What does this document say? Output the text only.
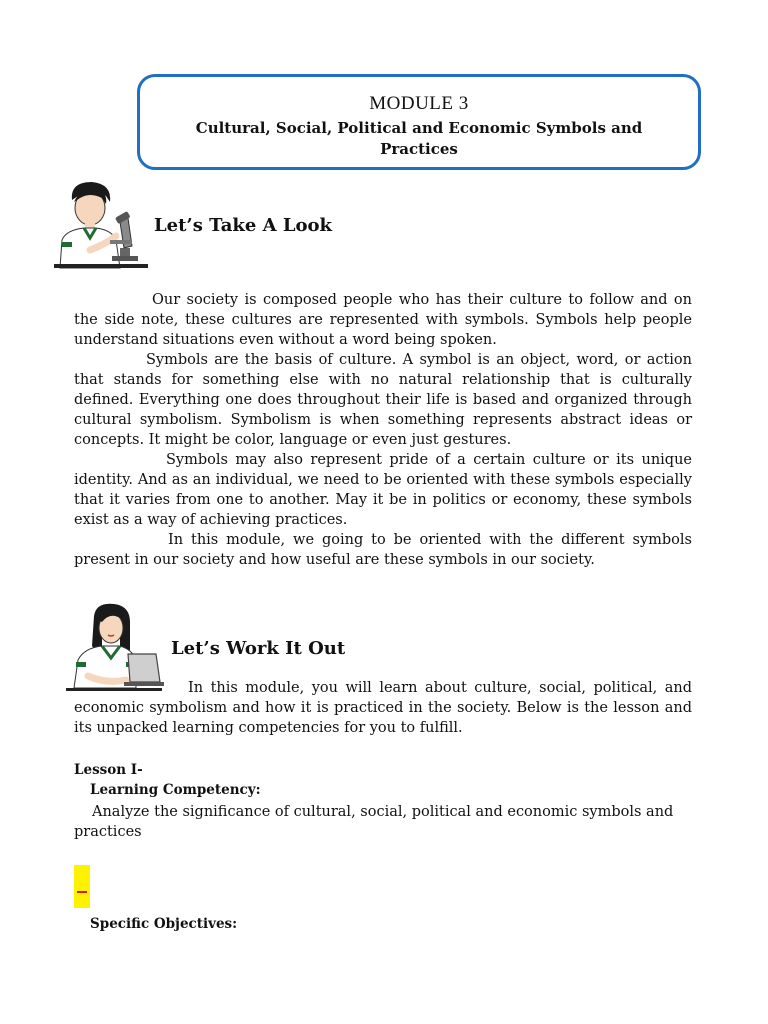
MODULE 3
Cultural, Social, Political and Economic Symbols and Practices
Let’s Take A Look

Our society is composed people who has their culture to follow and on the side note, these cultures are represented with symbols. Symbols help people understand situations even without a word being spoken.

Symbols are the basis of culture. A symbol is an object, word, or action that stands for something else with no natural relationship that is culturally defined. Everything one does throughout their life is based and organized through cultural symbolism. Symbolism is when something represents abstract ideas or concepts. It might be color, language or even just gestures.

Symbols may also represent pride of a certain culture or its unique identity. And as an individual, we need to be oriented with these symbols especially that it varies from one to another. May it be in politics or economy, these symbols exist as a way of achieving practices.

In this module, we going to be oriented with the different symbols present in our society and how useful are these symbols in our society.

Let’s Work It Out

In this module, you will learn about culture, social, political, and economic symbolism and how it is practiced in the society. Below is the lesson and its unpacked learning competencies for you to fulfill.

Lesson I-
Learning Competency:

Analyze the significance of cultural, social, political and economic symbols and practices

Specific Objectives:
